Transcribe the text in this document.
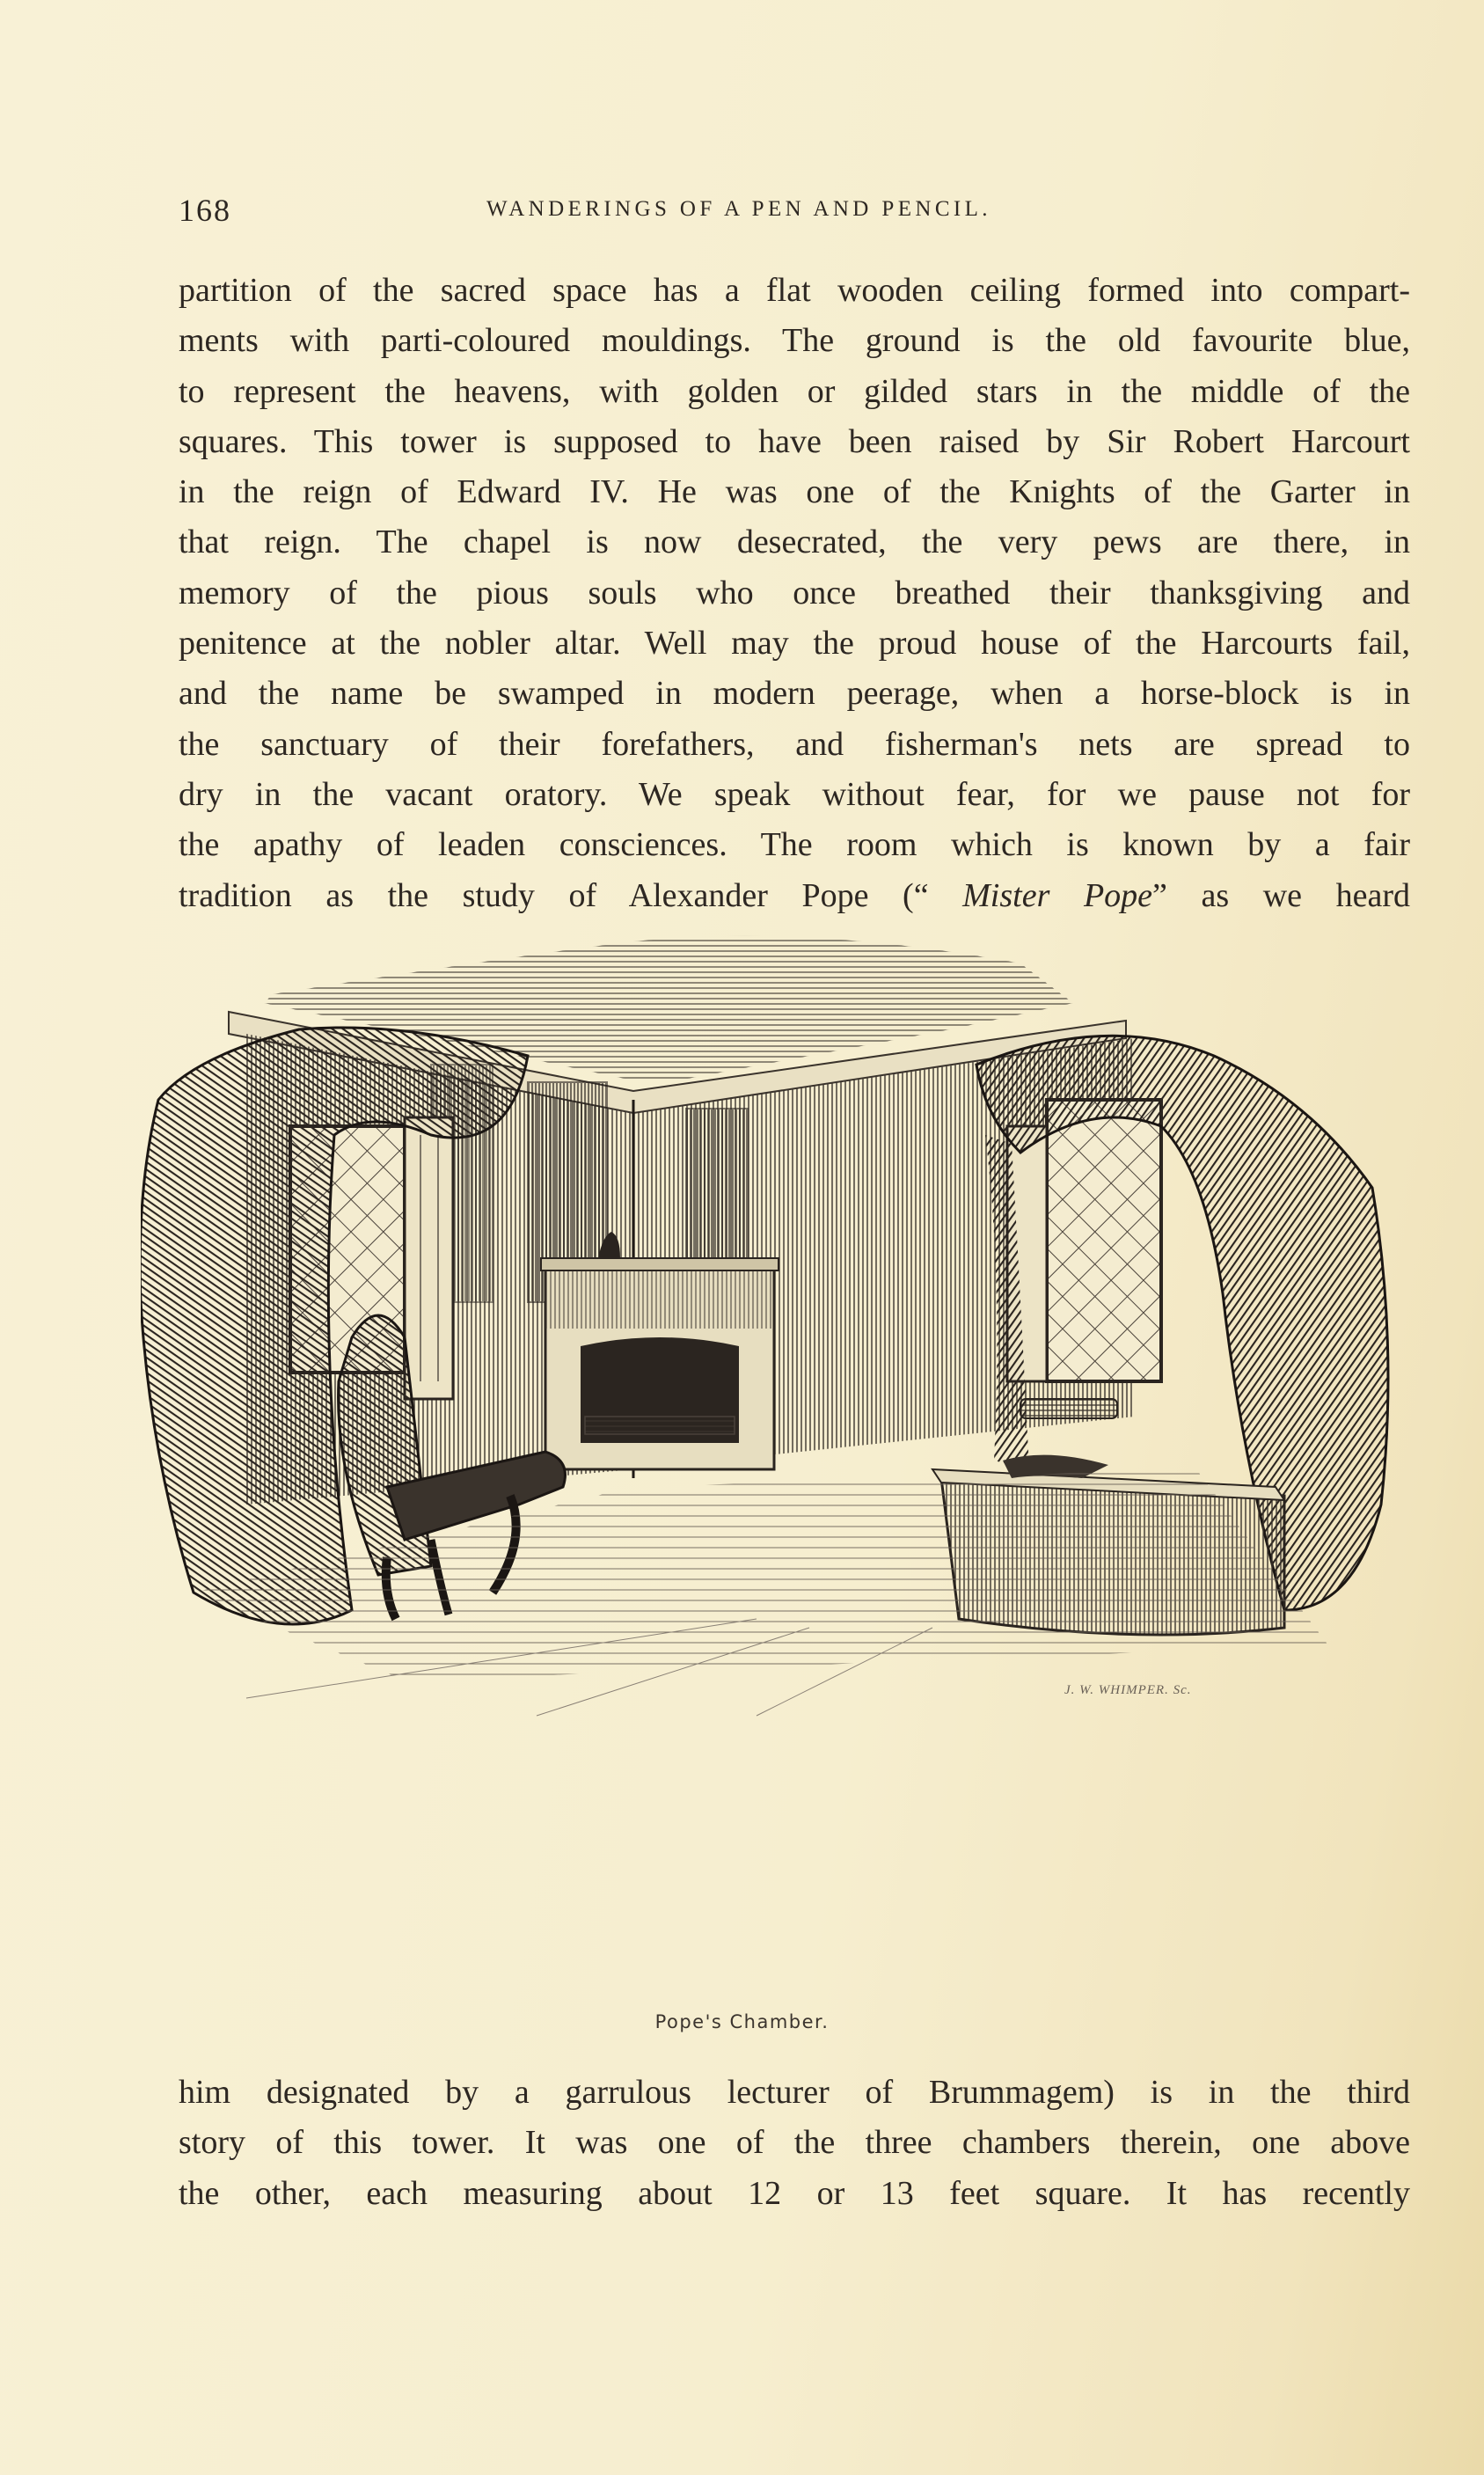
168	WANDERINGS OF A PEN AND PENCIL.
partition of the sacred space has a flat wooden ceiling formed into compart-
ments with parti-coloured mouldings. The ground is the old favourite blue,
to represent the heavens, with golden or gilded stars in the middle of the
squares. This tower is supposed to have been raised by Sir Robert Harcourt
in the reign of Edward IV. He was one of the Knights of the Garter in
that reign. The chapel is now desecrated, the very pews are there, in
memory of the pious souls who once breathed their thanksgiving and
penitence at the nobler altar. Well may the proud house of the Harcourts fail,
and the name be swamped in modern peerage, when a horse-block is in
the sanctuary of their forefathers, and fisherman's nets are spread to
dry in the vacant oratory. We speak without fear, for we pause not for
the apathy of leaden consciences. The room which is known by a fair
tradition as the study of Alexander Pope (“ Mister Pope” as we heard
J. W. WHIMPER. Sc.
Pope's Chamber.
him designated by a garrulous lecturer of Brummagem) is in the third
story of this tower. It was one of the three chambers therein, one above
the other, each measuring about 12 or 13 feet square. It has recently
